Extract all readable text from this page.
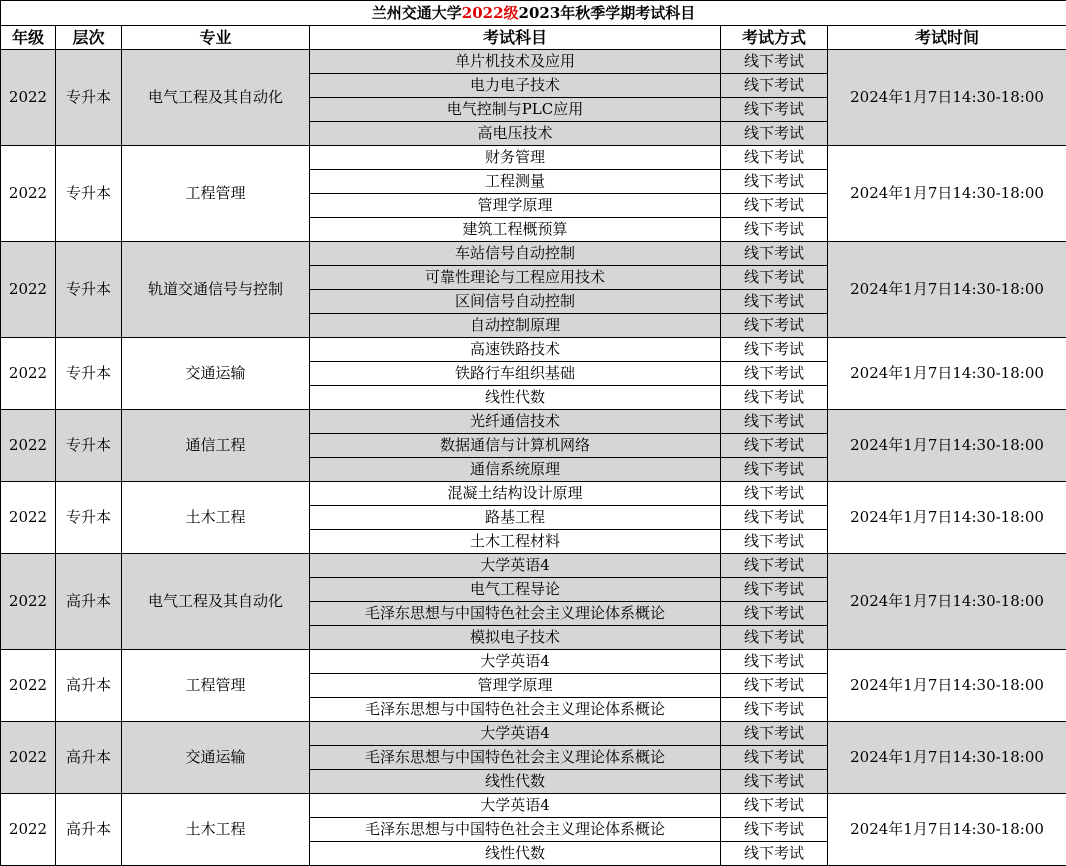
兰州交通大学2022级2023年秋季学期考试科目					
年级	层次	专业	考试科目	考试方式	考试时间
2022	专升本	电气工程及其自动化	单片机技术及应用	线下考试	2024年1月7日14:30-18:00
			电力电子技术	线下考试	
			电气控制与PLC应用	线下考试	
			高电压技术	线下考试	
2022	专升本	工程管理	财务管理	线下考试	2024年1月7日14:30-18:00
			工程测量	线下考试	
			管理学原理	线下考试	
			建筑工程概预算	线下考试	
2022	专升本	轨道交通信号与控制	车站信号自动控制	线下考试	2024年1月7日14:30-18:00
			可靠性理论与工程应用技术	线下考试	
			区间信号自动控制	线下考试	
			自动控制原理	线下考试	
2022	专升本	交通运输	高速铁路技术	线下考试	2024年1月7日14:30-18:00
			铁路行车组织基础	线下考试	
			线性代数	线下考试	
2022	专升本	通信工程	光纤通信技术	线下考试	2024年1月7日14:30-18:00
			数据通信与计算机网络	线下考试	
			通信系统原理	线下考试	
2022	专升本	土木工程	混凝土结构设计原理	线下考试	2024年1月7日14:30-18:00
			路基工程	线下考试	
			土木工程材料	线下考试	
2022	高升本	电气工程及其自动化	大学英语4	线下考试	2024年1月7日14:30-18:00
			电气工程导论	线下考试	
			毛泽东思想与中国特色社会主义理论体系概论	线下考试	
			模拟电子技术	线下考试	
2022	高升本	工程管理	大学英语4	线下考试	2024年1月7日14:30-18:00
			管理学原理	线下考试	
			毛泽东思想与中国特色社会主义理论体系概论	线下考试	
2022	高升本	交通运输	大学英语4	线下考试	2024年1月7日14:30-18:00
			毛泽东思想与中国特色社会主义理论体系概论	线下考试	
			线性代数	线下考试	
2022	高升本	土木工程	大学英语4	线下考试	2024年1月7日14:30-18:00
			毛泽东思想与中国特色社会主义理论体系概论	线下考试	
			线性代数	线下考试	
